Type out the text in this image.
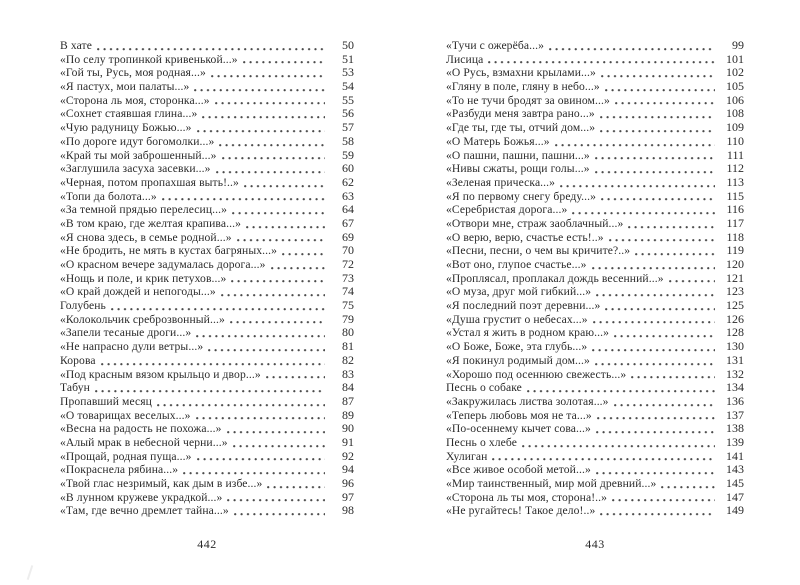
В хате	50
«По селу тропинкой кривенькой...»	51
«Гой ты, Русь, моя родная...»	53
«Я пастух, мои палаты...»	54
«Сторона ль моя, сторонка...»	55
«Сохнет стаявшая глина...»	56
«Чую радуницу Божью...»	57
«По дороге идут богомолки...»	58
«Край ты мой заброшенный...»	59
«Заглушила засуха засевки...»	60
«Черная, потом пропахшая выть!..»	62
«Топи да болота...»	63
«За темной прядью перелесиц...»	64
«В том краю, где желтая крапива...»	67
«Я снова здесь, в семье родной...»	69
«Не бродить, не мять в кустах багряных...»	70
«О красном вечере задумалась дорога...»	72
«Нощь и поле, и крик петухов...»	73
«О край дождей и непогоды...»	74
Голубень	75
«Колокольчик среброзвонный...»	79
«Запели тесаные дроги...»	80
«Не напрасно дули ветры...»	81
Корова	82
«Под красным вязом крыльцо и двор...»	83
Табун	84
Пропавший месяц	87
«О товарищах веселых...»	89
«Весна на радость не похожа...»	90
«Алый мрак в небесной черни...»	91
«Прощай, родная пуща...»	92
«Покраснела рябина...»	94
«Твой глас незримый, как дым в избе...»	96
«В лунном кружеве украдкой...»	97
«Там, где вечно дремлет тайна...»	98
«Тучи с ожерёба...»	99
Лисица	101
«О Русь, взмахни крылами...»	102
«Гляну в поле, гляну в небо...»	105
«То не тучи бродят за овином...»	106
«Разбуди меня завтра рано...»	108
«Где ты, где ты, отчий дом...»	109
«О Матерь Божья...»	110
«О пашни, пашни, пашни...»	111
«Нивы сжаты, рощи голы...»	112
«Зеленая прическа...»	113
«Я по первому снегу бреду...»	115
«Серебристая дорога...»	116
«Отвори мне, страж заоблачный...»	117
«О верю, верю, счастье есть!..»	118
«Песни, песни, о чем вы кричите?..»	119
«Вот оно, глупое счастье...»	120
«Проплясал, проплакал дождь весенний...»	121
«О муза, друг мой гибкий...»	123
«Я последний поэт деревни...»	125
«Душа грустит о небесах...»	126
«Устал я жить в родном краю...»	128
«О Боже, Боже, эта глубь...»	130
«Я покинул родимый дом...»	131
«Хорошо под осеннюю свежесть...»	132
Песнь о собаке	134
«Закружилась листва золотая...»	136
«Теперь любовь моя не та...»	137
«По-осеннему кычет сова...»	138
Песнь о хлебе	139
Хулиган	141
«Все живое особой метой...»	143
«Мир таинственный, мир мой древний...»	145
«Сторона ль ты моя, сторона!..»	147
«Не ругайтесь! Такое дело!..»	149
442	443
